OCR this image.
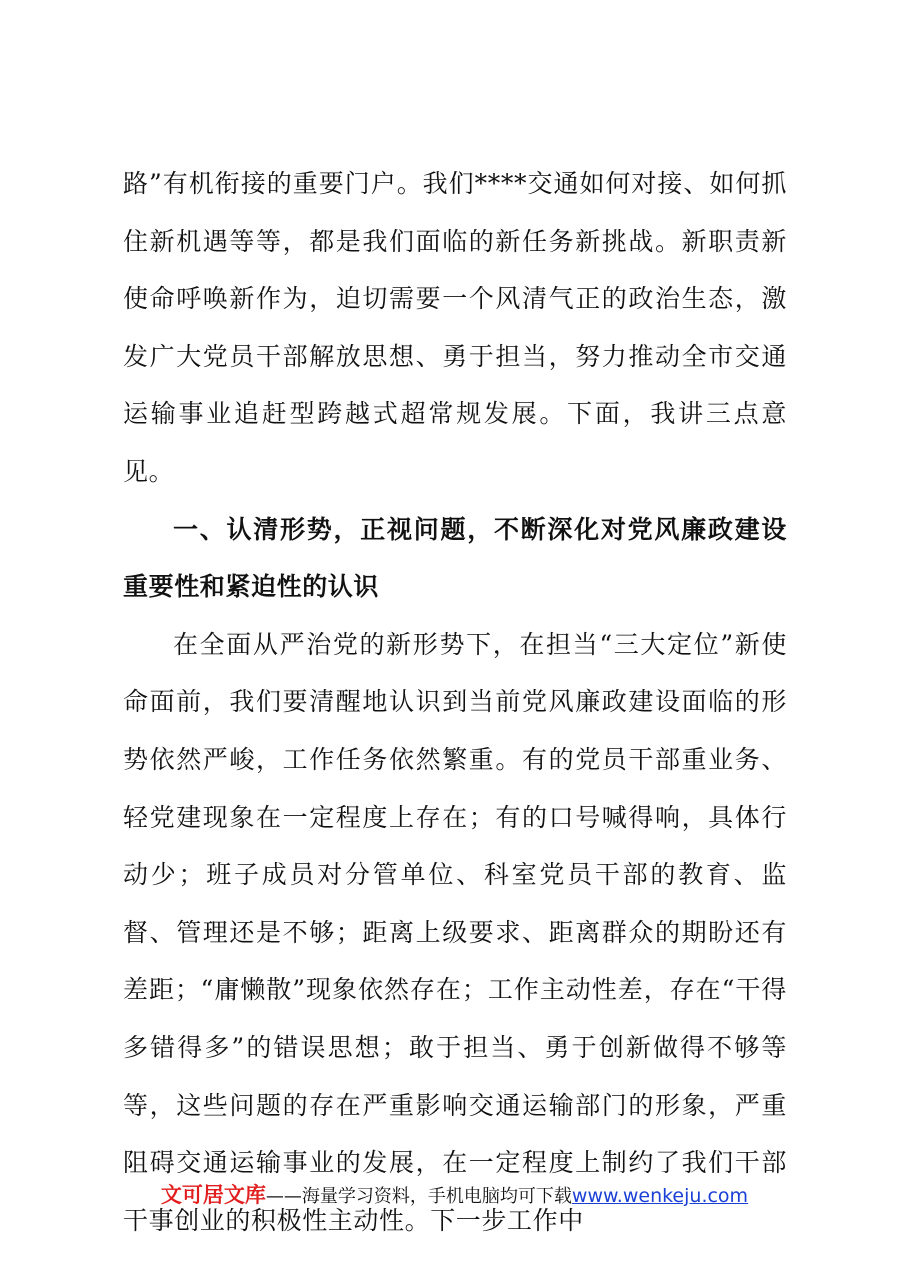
路”有机衔接的重要门户。我们****交通如何对接、如何抓住新机遇等等，都是我们面临的新任务新挑战。新职责新使命呼唤新作为，迫切需要一个风清气正的政治生态，激发广大党员干部解放思想、勇于担当，努力推动全市交通运输事业追赶型跨越式超常规发展。下面，我讲三点意见。

一、认清形势，正视问题，不断深化对党风廉政建设重要性和紧迫性的认识

在全面从严治党的新形势下，在担当“三大定位”新使命面前，我们要清醒地认识到当前党风廉政建设面临的形势依然严峻，工作任务依然繁重。有的党员干部重业务、轻党建现象在一定程度上存在；有的口号喊得响，具体行动少；班子成员对分管单位、科室党员干部的教育、监督、管理还是不够；距离上级要求、距离群众的期盼还有差距；“庸懒散”现象依然存在；工作主动性差，存在“干得多错得多”的错误思想；敢于担当、勇于创新做得不够等等，这些问题的存在严重影响交通运输部门的形象，严重阻碍交通运输事业的发展，在一定程度上制约了我们干部干事创业的积极性主动性。下一步工作中

文可居文库——海量学习资料，手机电脑均可下载www.wenkeju.com
